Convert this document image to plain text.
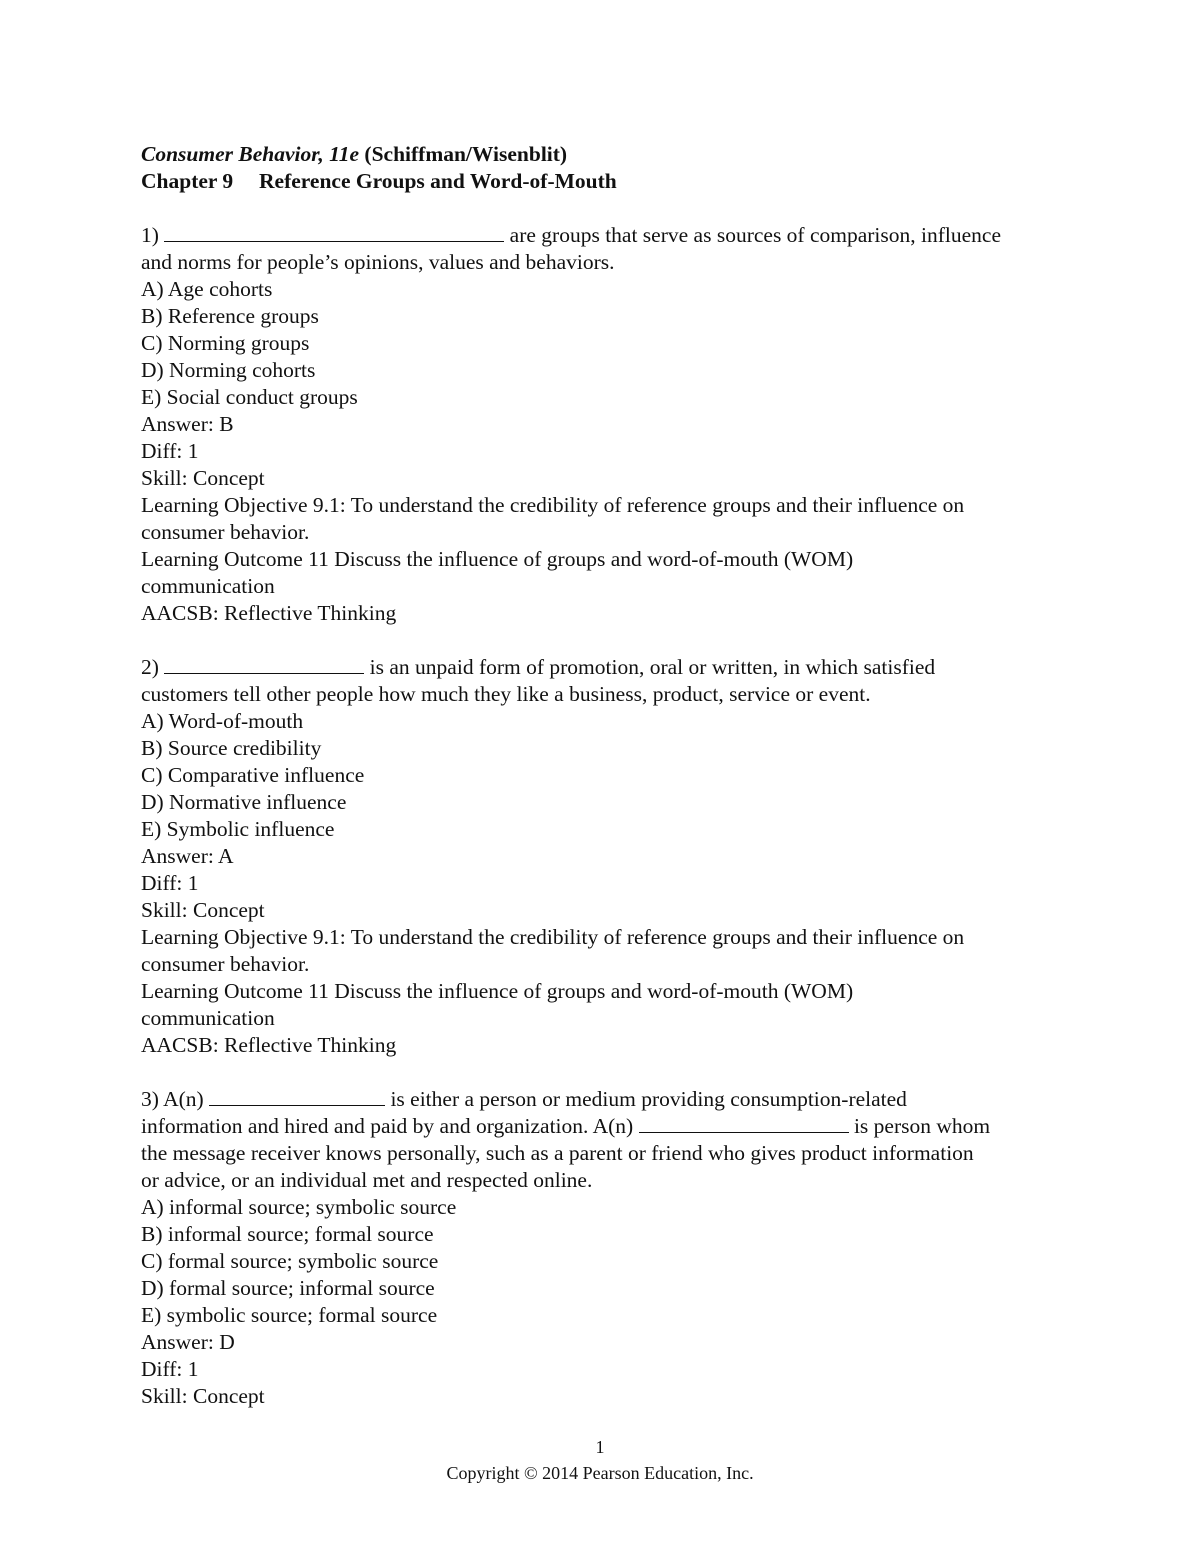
Consumer Behavior, 11e (Schiffman/Wisenblit)
Chapter 9 Reference Groups and Word-of-Mouth
1)	are groups that serve as sources of comparison, influence
and norms for people’s opinions, values and behaviors.
A) Age cohorts
B) Reference groups
C) Norming groups
D) Norming cohorts
E) Social conduct groups
Answer: B
Diff: 1
Skill: Concept
Learning Objective 9.1: To understand the credibility of reference groups and their influence on
consumer behavior.
Learning Outcome 11 Discuss the influence of groups and word-of-mouth (WOM)
communication
AACSB: Reflective Thinking
2)	is an unpaid form of promotion, oral or written, in which satisfied
customers tell other people how much they like a business, product, service or event.
A) Word-of-mouth
B) Source credibility
C) Comparative influence
D) Normative influence
E) Symbolic influence
Answer: A
Diff: 1
Skill: Concept
Learning Objective 9.1: To understand the credibility of reference groups and their influence on
consumer behavior.
Learning Outcome 11 Discuss the influence of groups and word-of-mouth (WOM)
communication
AACSB: Reflective Thinking
3) A(n)	is either a person or medium providing consumption-related
information and hired and paid by and organization. A(n)	is person whom
the message receiver knows personally, such as a parent or friend who gives product information
or advice, or an individual met and respected online.
A) informal source; symbolic source
B) informal source; formal source
C) formal source; symbolic source
D) formal source; informal source
E) symbolic source; formal source
Answer: D
Diff: 1
Skill: Concept
1
Copyright © 2014 Pearson Education, Inc.
